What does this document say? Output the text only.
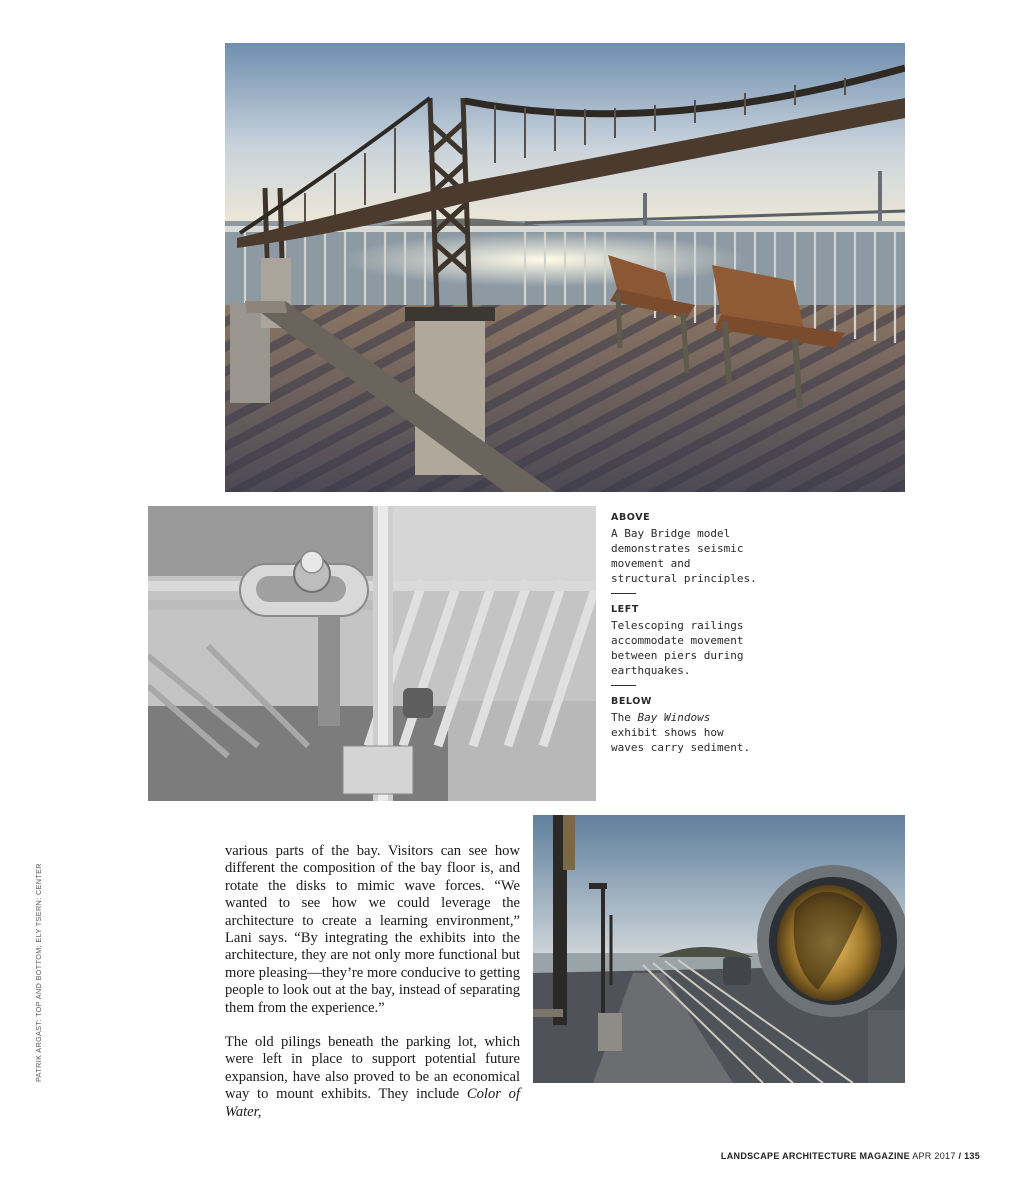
ABOVE

A Bay Bridge model demonstrates seismic movement and structural principles.

LEFT

Telescoping railings accommodate movement between piers during earthquakes.

BELOW

The Bay Windows exhibit shows how waves carry sediment.

various parts of the bay. Visitors can see how different the composition of the bay floor is, and rotate the disks to mimic wave forces. “We wanted to see how we could leverage the architecture to create a learning environment,” Lani says. “By integrating the exhibits into the architecture, they are not only more functional but more pleasing—they’re more conducive to getting people to look out at the bay, instead of separating them from the experience.”

The old pilings beneath the parking lot, which were left in place to support potential future expansion, have also proved to be an economical way to mount exhibits. They include Color of Water,

PATRIK ARGAST: TOP AND BOTTOM; ELY TSERN: CENTER
LANDSCAPE ARCHITECTURE MAGAZINE APR 2017 / 135
